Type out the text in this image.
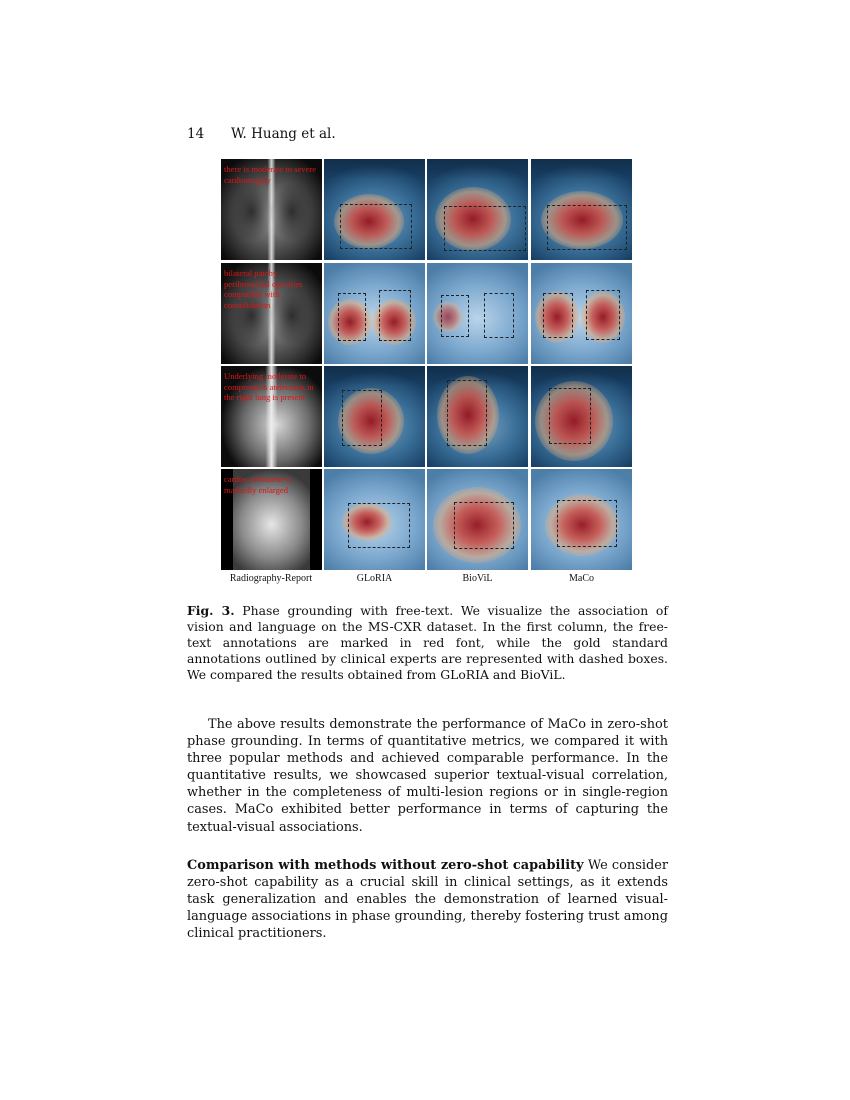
14 W. Huang et al.
there is moderate to severe cardiomegaly
bilateral patchy peribronchial opacities compatible with consolidation
Underlying moderate to compression atelectasis in the right lung is present
cardiac silhouette is markedly enlarged
Radiography-Report	GLoRIA	BioViL	MaCo
Fig. 3. Phase grounding with free-text. We visualize the association of vision and language on the MS-CXR dataset. In the first column, the free-text annotations are marked in red font, while the gold standard annotations outlined by clinical experts are represented with dashed boxes. We compared the results obtained from GLoRIA and BioViL.
The above results demonstrate the performance of MaCo in zero-shot phase grounding. In terms of quantitative metrics, we compared it with three popular methods and achieved comparable performance. In the quantitative results, we showcased superior textual-visual correlation, whether in the completeness of multi-lesion regions or in single-region cases. MaCo exhibited better performance in terms of capturing the textual-visual associations.
Comparison with methods without zero-shot capability We consider zero-shot capability as a crucial skill in clinical settings, as it extends task generalization and enables the demonstration of learned visual-language associations in phase grounding, thereby fostering trust among clinical practitioners.
